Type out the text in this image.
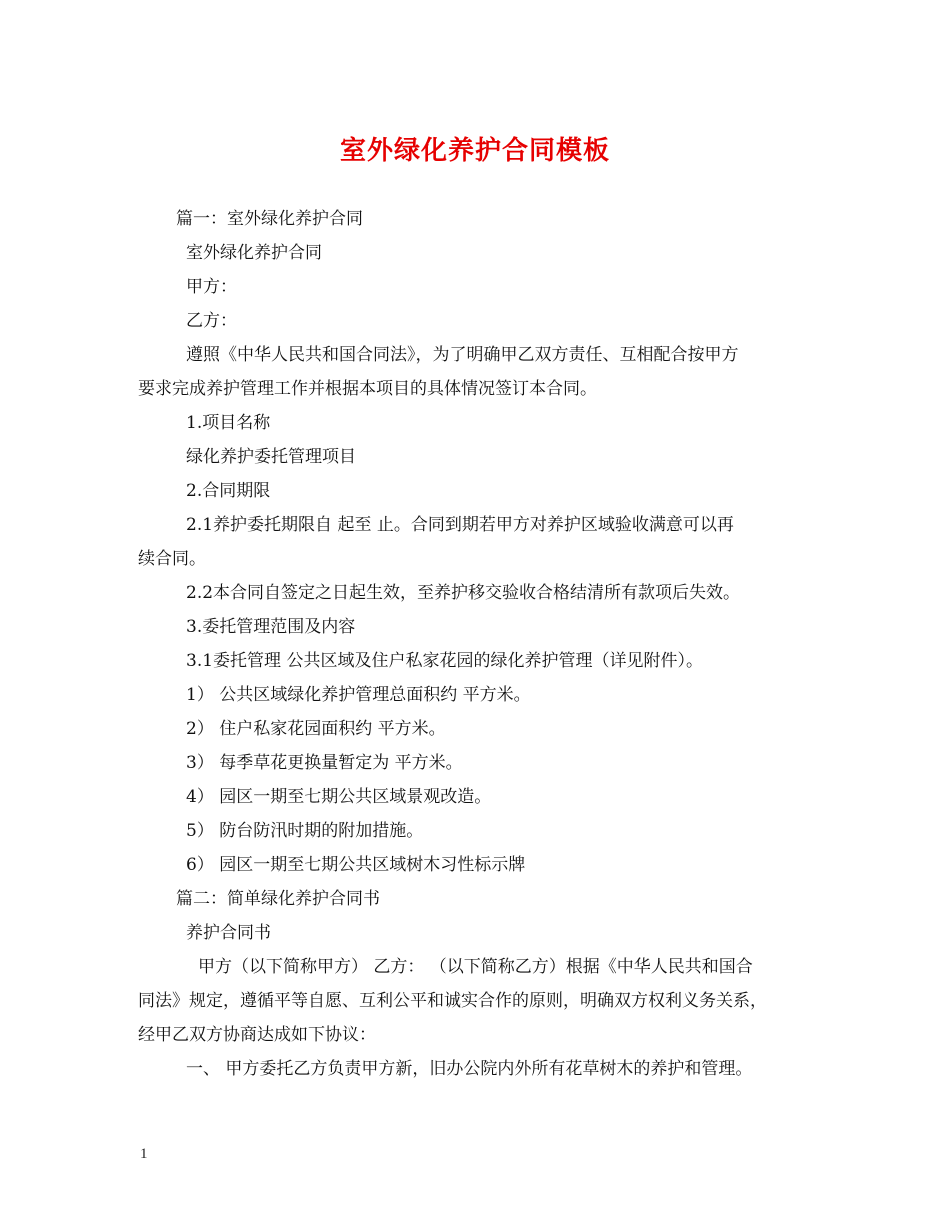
室外绿化养护合同模板
篇一：室外绿化养护合同
室外绿化养护合同
甲方：
乙方：
遵照《中华人民共和国合同法》，为了明确甲乙双方责任、互相配合按甲方
要求完成养护管理工作并根据本项目的具体情况签订本合同。
1.项目名称
绿化养护委托管理项目
2.合同期限
2.1养护委托期限自 起至 止。合同到期若甲方对养护区域验收满意可以再
续合同。
2.2本合同自签定之日起生效，至养护移交验收合格结清所有款项后失效。
3.委托管理范围及内容
3.1委托管理 公共区域及住户私家花园的绿化养护管理（详见附件）。
1） 公共区域绿化养护管理总面积约 平方米。
2） 住户私家花园面积约 平方米。
3） 每季草花更换量暂定为 平方米。
4） 园区一期至七期公共区域景观改造。
5） 防台防汛时期的附加措施。
6） 园区一期至七期公共区域树木习性标示牌
篇二：简单绿化养护合同书
养护合同书
甲方（以下简称甲方） 乙方： （以下简称乙方）根据《中华人民共和国合
同法》规定，遵循平等自愿、互利公平和诚实合作的原则，明确双方权利义务关系，
经甲乙双方协商达成如下协议：
一、 甲方委托乙方负责甲方新，旧办公院内外所有花草树木的养护和管理。
1
